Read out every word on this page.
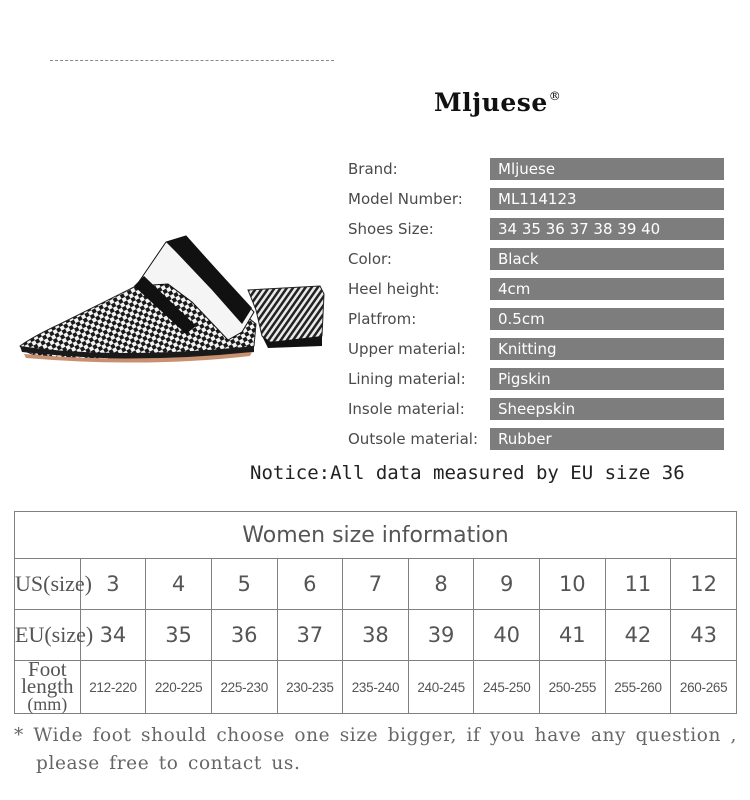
Mljuese®
Brand:	Mljuese
Model Number:	ML114123
Shoes Size:	34 35 36 37 38 39 40
Color:	Black
Heel height:	4cm
Platfrom:	0.5cm
Upper material:	Knitting
Lining material:	Pigskin
Insole material:	Sheepskin
Outsole material:	Rubber
Notice:All data measured by EU size 36
Women size information										
US(size)	3	4	5	6	7	8	9	10	11	12
EU(size)	34	35	36	37	38	39	40	41	42	43
Foot length
(mm)	212-220	220-225	225-230	230-235	235-240	240-245	245-250	250-255	255-260	260-265
* Wide foot should choose one size bigger, if you have any question ,
please free to contact us.
